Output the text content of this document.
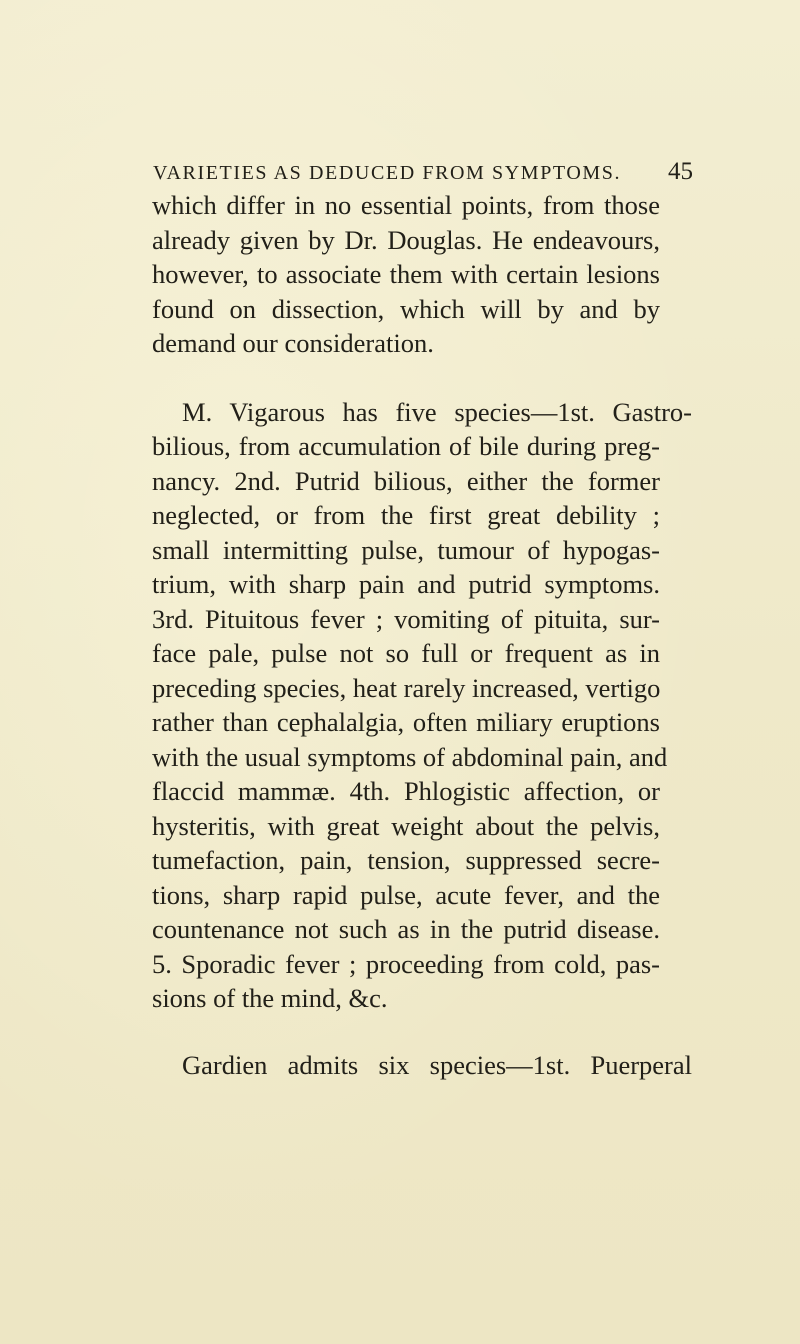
VARIETIES AS DEDUCED FROM SYMPTOMS. 45
which differ in no essential points, from those
already given by Dr. Douglas. He endeavours,
however, to associate them with certain lesions
found on dissection, which will by and by
demand our consideration.
M. Vigarous has five species—1st. Gastro-
bilious, from accumulation of bile during preg-
nancy. 2nd. Putrid bilious, either the former
neglected, or from the first great debility ;
small intermitting pulse, tumour of hypogas-
trium, with sharp pain and putrid symptoms.
3rd. Pituitous fever ; vomiting of pituita, sur-
face pale, pulse not so full or frequent as in
preceding species, heat rarely increased, vertigo
rather than cephalalgia, often miliary eruptions
with the usual symptoms of abdominal pain, and
flaccid mammæ. 4th. Phlogistic affection, or
hysteritis, with great weight about the pelvis,
tumefaction, pain, tension, suppressed secre-
tions, sharp rapid pulse, acute fever, and the
countenance not such as in the putrid disease.
5. Sporadic fever ; proceeding from cold, pas-
sions of the mind, &c.
Gardien admits six species—1st. Puerperal
